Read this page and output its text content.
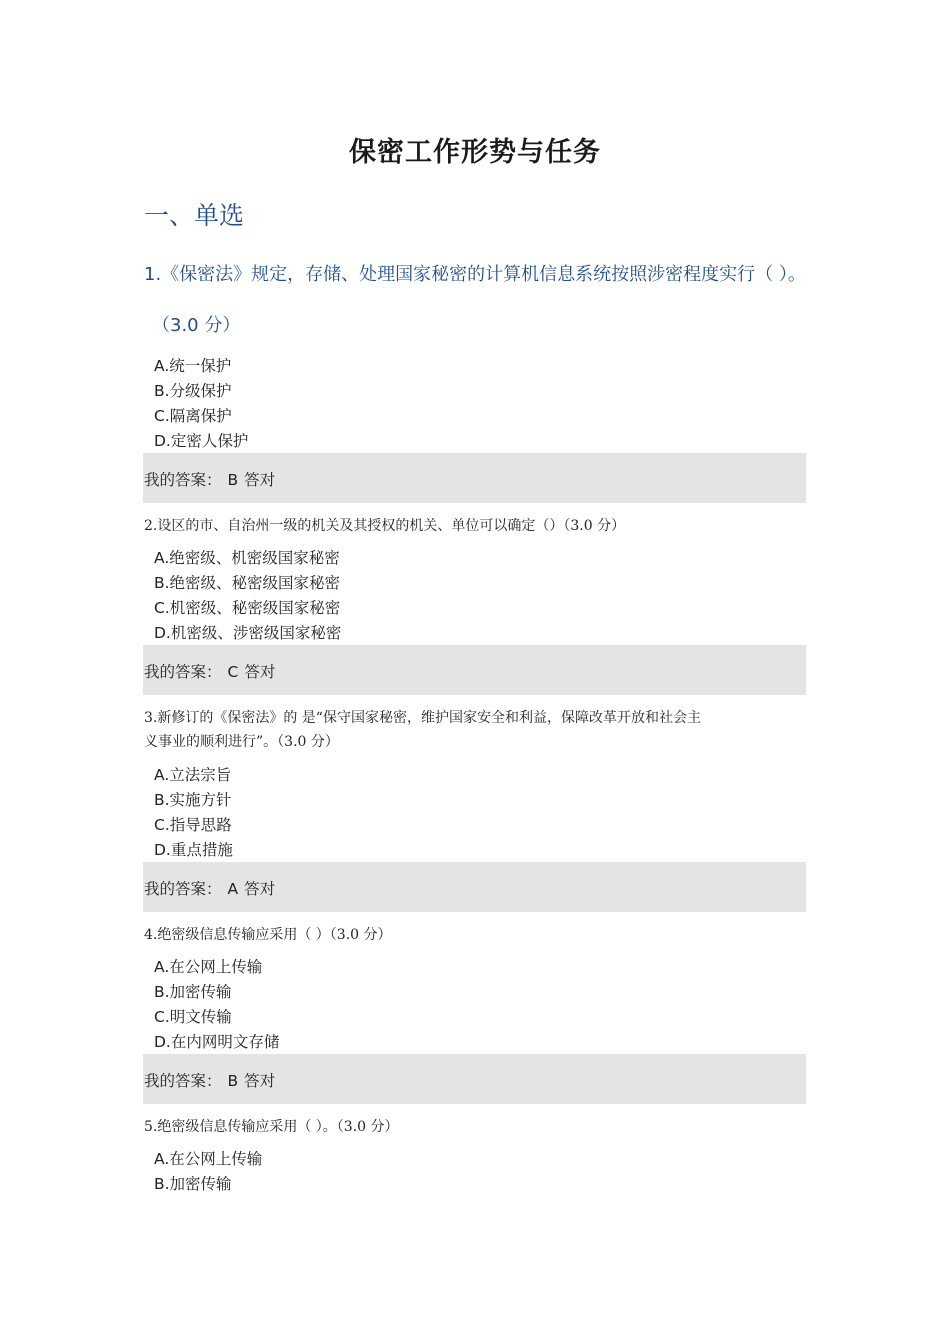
保密工作形势与任务
一、单选
1.《保密法》规定，存储、处理国家秘密的计算机信息系统按照涉密程度实行（ ）。
（3.0 分）
A.统一保护
B.分级保护
C.隔离保护
D.定密人保护
我的答案： B 答对
2.设区的市、自治州一级的机关及其授权的机关、单位可以确定（）（3.0 分）
A.绝密级、机密级国家秘密
B.绝密级、秘密级国家秘密
C.机密级、秘密级国家秘密
D.机密级、涉密级国家秘密
我的答案： C 答对
3.新修订的《保密法》的 是“保守国家秘密，维护国家安全和利益，保障改革开放和社会主
义事业的顺利进行”。（3.0 分）
A.立法宗旨
B.实施方针
C.指导思路
D.重点措施
我的答案： A 答对
4.绝密级信息传输应采用（ ）（3.0 分）
A.在公网上传输
B.加密传输
C.明文传输
D.在内网明文存储
我的答案： B 答对
5.绝密级信息传输应采用（ ）。（3.0 分）
A.在公网上传输
B.加密传输
